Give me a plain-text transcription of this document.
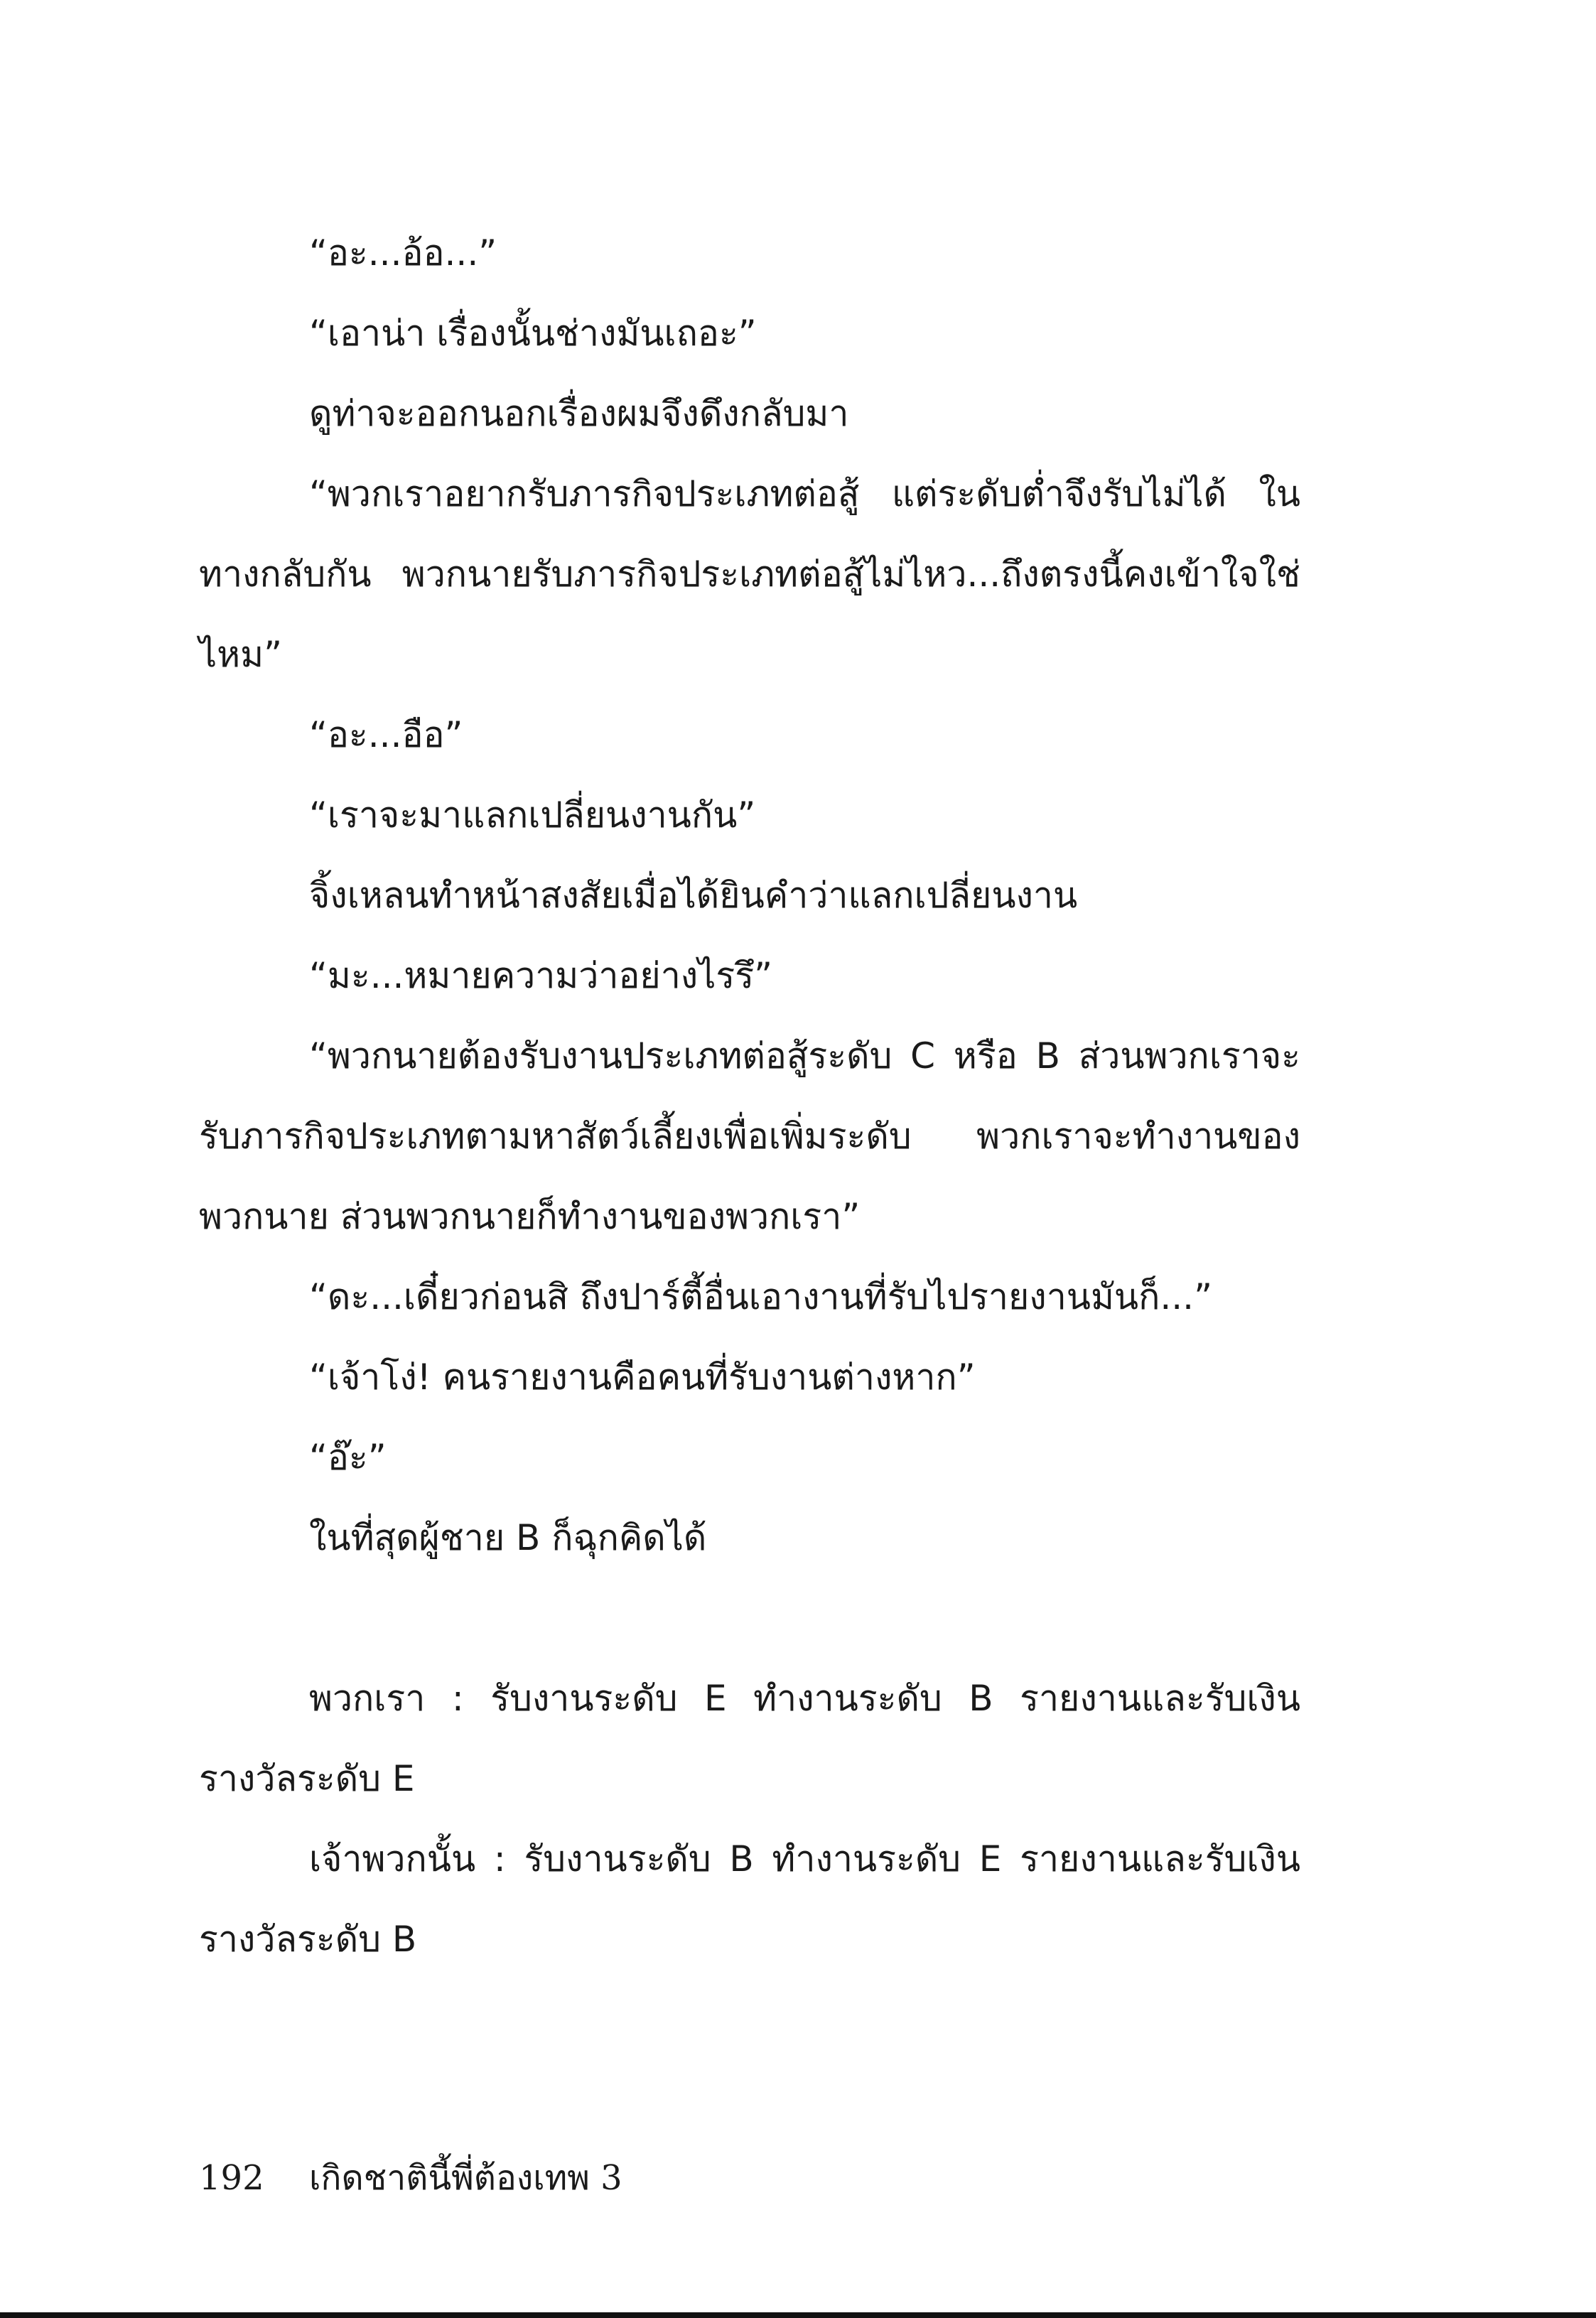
“อะ...อ้อ...”

“เอาน่า เรื่องนั้นช่างมันเถอะ”

ดูท่าจะออกนอกเรื่องผมจึงดึงกลับมา

“พวกเราอยากรับภารกิจประเภทต่อสู้ แต่ระดับต่ำจึงรับไม่ได้ ในทางกลับกัน พวกนายรับภารกิจประเภทต่อสู้ไม่ไหว...ถึงตรงนี้คงเข้าใจใช่ไหม”

“อะ...อือ”

“เราจะมาแลกเปลี่ยนงานกัน”

จิ้งเหลนทำหน้าสงสัยเมื่อได้ยินคำว่าแลกเปลี่ยนงาน

“มะ...หมายความว่าอย่างไรรึ”

“พวกนายต้องรับงานประเภทต่อสู้ระดับ C หรือ B ส่วนพวกเราจะรับภารกิจประเภทตามหาสัตว์เลี้ยงเพื่อเพิ่มระดับ พวกเราจะทำงานของพวกนาย ส่วนพวกนายก็ทำงานของพวกเรา”

“ดะ...เดี๋ยวก่อนสิ ถึงปาร์ตี้อื่นเอางานที่รับไปรายงานมันก็...”

“เจ้าโง่! คนรายงานคือคนที่รับงานต่างหาก”

“อ๊ะ”

ในที่สุดผู้ชาย B ก็ฉุกคิดได้

พวกเรา : รับงานระดับ E ทำงานระดับ B รายงานและรับเงินรางวัลระดับ E

เจ้าพวกนั้น : รับงานระดับ B ทำงานระดับ E รายงานและรับเงินรางวัลระดับ B

192 เกิดชาตินี้พี่ต้องเทพ 3
